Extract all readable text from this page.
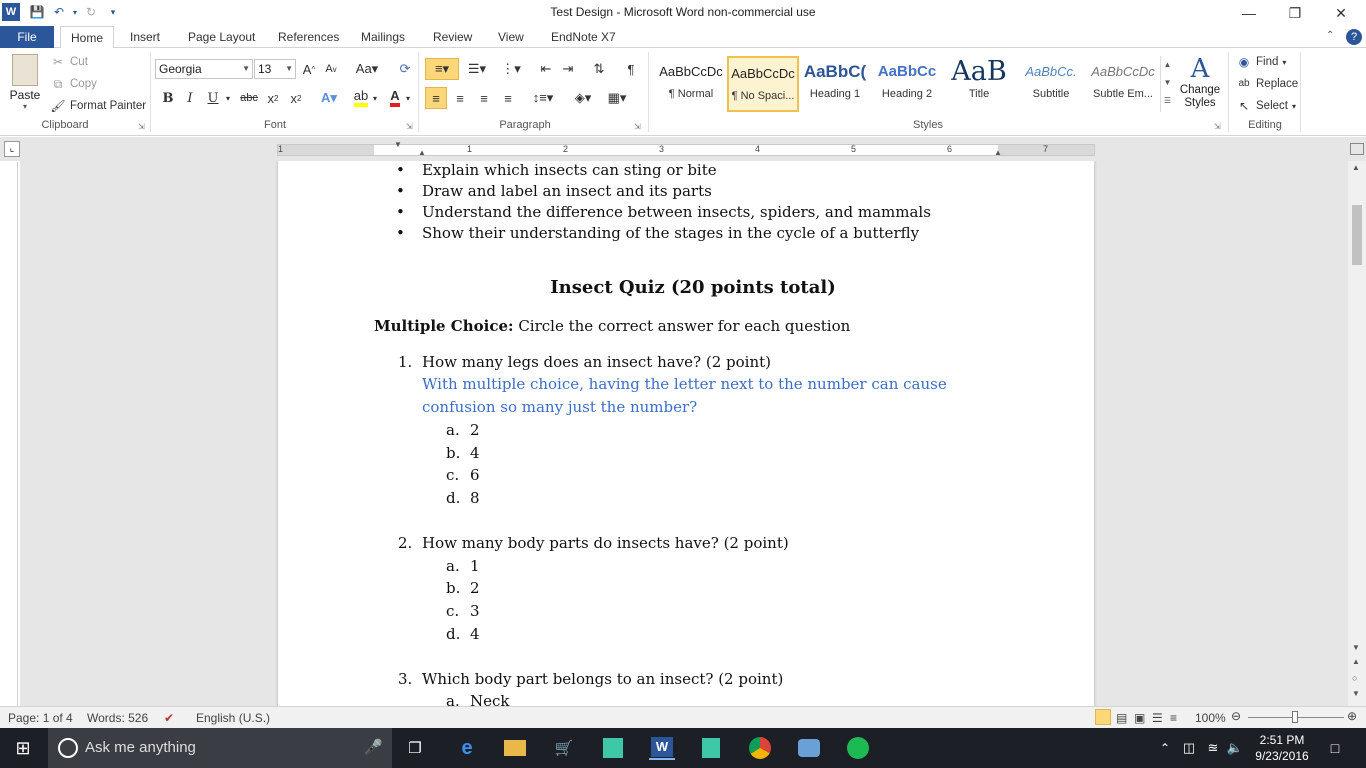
W	💾 ↶	▾ ↻	▾	Test Design - Microsoft Word non-commercial use	—	❐	✕
File	Home	Insert	Page Layout	References	Mailings	Review	View	EndNote X7	⌃	?
Paste
▾
✂ Cut
⧉ Copy
🖌 Format Painter
Clipboard	⇲
Georgia	▼ 13 ▼ A ^ A v Aa▾	⟳
B	I	U ▾ abc x 2 x 2 A▾ ab ▾ A ▾
Font	⇲
≡▾	☰▾	⋮▾	⇤ ⇥	⇅	¶
≡	≡	≡	≡	↕≡▾	◈▾	▦▾
Paragraph	⇲
AaBbCcDc
¶ Normal
AaBbCcDc
¶ No Spaci...
AaBbC(
Heading 1
AaBbCc
Heading 2
AaB
Title
AaBbCc.
Subtitle
AaBbCcDc
Subtle Em...
▲
▼
☰
A
Change Styles
Styles	⇲
◉ Find ▾
ab Replace
↖ Select ▾
Editing
⌞	1	1	2	3	4	5	6	7
▼
▲	▲
• Explain which insects can sting or bite
• Draw and label an insect and its parts
• Understand the difference between insects, spiders, and mammals
• Show their understanding of the stages in the cycle of a butterfly
Insect Quiz (20 points total)
Multiple Choice: Circle the correct answer for each question
1. How many legs does an insect have? (2 point)
With multiple choice, having the letter next to the number can cause
confusion so many just the number?
a. 2
b. 4
c. 6
d. 8
2. How many body parts do insects have? (2 point)
a. 1
b. 2
c. 3
d. 4
3. Which body part belongs to an insect? (2 point)
a. Neck
▲
▼
▲
○
▼
Page: 1 of 4 Words: 526 ✔ English (U.S.)	▤ ▣ ☰ ≡ 100% ⊖	⊕
⊞	Ask me anything	🎤	❐	e	🛒	W	⌃ ◫ ≊ 🔈	2:51 PM
9/23/2016	□
